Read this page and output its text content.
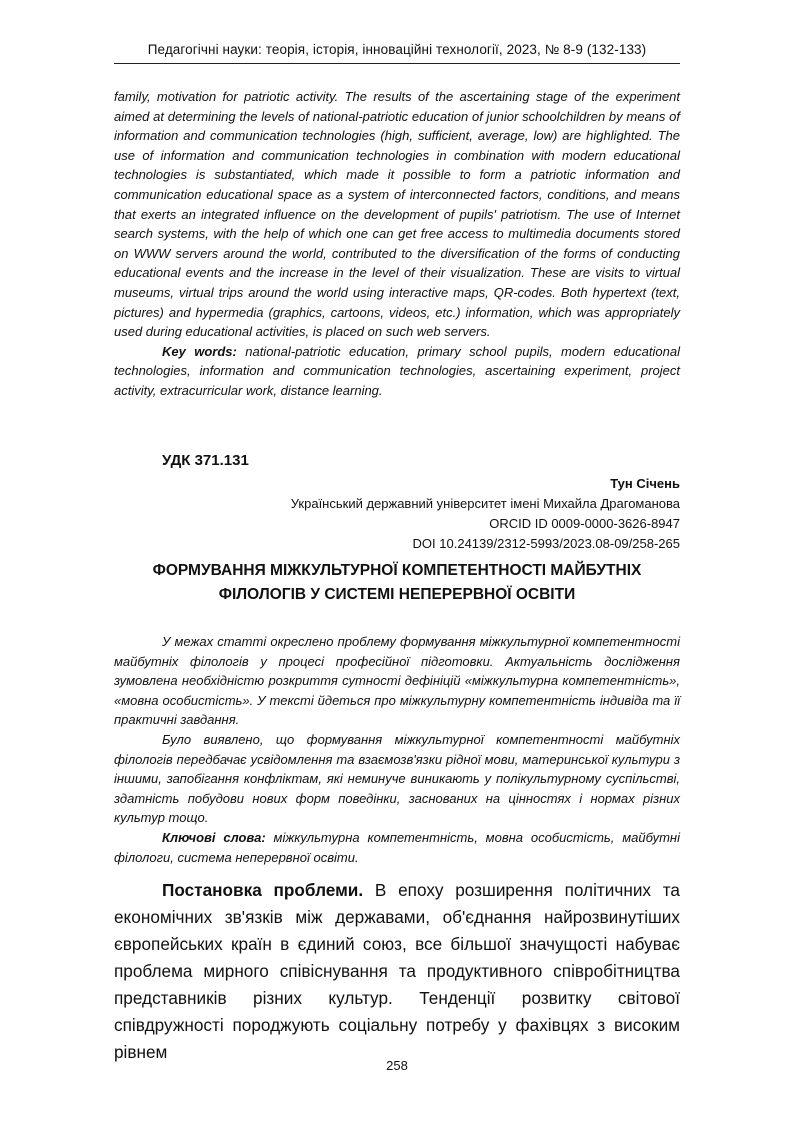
Педагогічні науки: теорія, історія, інноваційні технології, 2023, № 8-9 (132-133)

family, motivation for patriotic activity. The results of the ascertaining stage of the experiment aimed at determining the levels of national-patriotic education of junior schoolchildren by means of information and communication technologies (high, sufficient, average, low) are highlighted. The use of information and communication technologies in combination with modern educational technologies is substantiated, which made it possible to form a patriotic information and communication educational space as a system of interconnected factors, conditions, and means that exerts an integrated influence on the development of pupils' patriotism. The use of Internet search systems, with the help of which one can get free access to multimedia documents stored on WWW servers around the world, contributed to the diversification of the forms of conducting educational events and the increase in the level of their visualization. These are visits to virtual museums, virtual trips around the world using interactive maps, QR-codes. Both hypertext (text, pictures) and hypermedia (graphics, cartoons, videos, etc.) information, which was appropriately used during educational activities, is placed on such web servers.

Key words: national-patriotic education, primary school pupils, modern educational technologies, information and communication technologies, ascertaining experiment, project activity, extracurricular work, distance learning.

УДК 371.131
Тун Січень
Український державний університет імені Михайла Драгоманова
ORCID ID 0009-0000-3626-8947
DOI 10.24139/2312-5993/2023.08-09/258-265
ФОРМУВАННЯ МІЖКУЛЬТУРНОЇ КОМПЕТЕНТНОСТІ МАЙБУТНІХ
ФІЛОЛОГІВ У СИСТЕМІ НЕПЕРЕРВНОЇ ОСВІТИ

У межах статті окреслено проблему формування міжкультурної компетентності майбутніх філологів у процесі професійної підготовки. Актуальність дослідження зумовлена необхідністю розкриття сутності дефініцій «міжкультурна компетентність», «мовна особистість». У тексті йдеться про міжкультурну компетентність індивіда та її практичні завдання.

Було виявлено, що формування міжкультурної компетентності майбутніх філологів передбачає усвідомлення та взаємозв'язки рідної мови, материнської культури з іншими, запобігання конфліктам, які неминуче виникають у полікультурному суспільстві, здатність побудови нових форм поведінки, заснованих на цінностях і нормах різних культур тощо.

Ключові слова: міжкультурна компетентність, мовна особистість, майбутні філологи, система неперервної освіти.

Постановка проблеми. В епоху розширення політичних та економічних зв'язків між державами, об'єднання найрозвинутіших європейських країн в єдиний союз, все більшої значущості набуває проблема мирного співіснування та продуктивного співробітництва представників різних культур. Тенденції розвитку світової співдружності породжують соціальну потребу у фахівцях з високим рівнем

258
